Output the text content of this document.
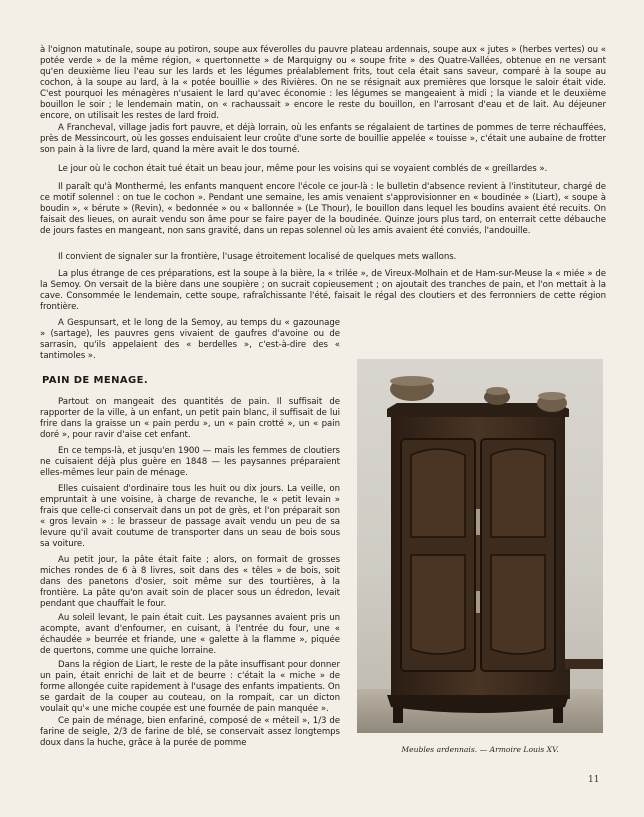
à l'oignon matutinale, soupe au potiron, soupe aux féverolles du pauvre plateau ardennais, soupe aux « jutes » (herbes vertes) ou « potée verde » de la même région, « quertonnette » de Marquigny ou « soupe frite » des Quatre-Vallées, obtenue en ne versant qu'en deuxième lieu l'eau sur les lards et les légumes préalablement frits, tout cela était sans saveur, comparé à la soupe au cochon, à la soupe au lard, à la « potée bouillie » des Rivières. On ne se résignait aux premières que lorsque le saloir était vide. C'est pourquoi les ménagères n'usaient le lard qu'avec économie : les légumes se mangeaient à midi ; la viande et le deuxième bouillon le soir ; le lendemain matin, on « rachaussait » encore le reste du bouillon, en l'arrosant d'eau et de lait. Au déjeuner encore, on utilisait les restes de lard froid.

A Francheval, village jadis fort pauvre, et déjà lorrain, où les enfants se régalaient de tartines de pommes de terre réchauffées, près de Messincourt, où les gosses enduisaient leur croûte d'une sorte de bouillie appelée « touisse », c'était une aubaine de frotter son pain à la livre de lard, quand la mère avait le dos tourné.

Le jour où le cochon était tué était un beau jour, même pour les voisins qui se voyaient comblés de « greillardes ».

Il paraît qu'à Monthermé, les enfants manquent encore l'école ce jour-là : le bulletin d'absence revient à l'instituteur, chargé de ce motif solennel : on tue le cochon ». Pendant une semaine, les amis venaient s'approvisionner en « boudinée » (Liart), « soupe à boudin », « bérute » (Revin), « bedonnée » ou « ballonnée » (Le Thour), le bouillon dans lequel les boudins avaient été recuits. On faisait des lieues, on aurait vendu son âme pour se faire payer de la boudinée. Quinze jours plus tard, on enterrait cette débauche de jours fastes en mangeant, non sans gravité, dans un repas solennel où les amis avaient été conviés, l'andouille.

Il convient de signaler sur la frontière, l'usage étroitement localisé de quelques mets wallons.

La plus étrange de ces préparations, est la soupe à la bière, la « trilée », de Vireux-Molhain et de Ham-sur-Meuse la « miée » de la Semoy. On versait de la bière dans une soupière ; on sucrait copieusement ; on ajoutait des tranches de pain, et l'on mettait à la cave. Consommée le lendemain, cette soupe, rafraîchissante l'été, faisait le régal des cloutiers et des ferronniers de cette région frontière.

A Gespunsart, et le long de la Semoy, au temps du « gazounage » (sartage), les pauvres gens vivaient de gaufres d'avoine ou de sarrasin, qu'ils appelaient des « berdelles », c'est-à-dire des « tantimoles ».

PAIN DE MENAGE.

Partout on mangeait des quantités de pain. Il suffisait de rapporter de la ville, à un enfant, un petit pain blanc, il suffisait de lui frire dans la graisse un « pain perdu », un « pain crotté », un « pain doré », pour ravir d'aise cet enfant.

En ce temps-là, et jusqu'en 1900 — mais les femmes de cloutiers ne cuisaient déjà plus guère en 1848 — les paysannes préparaient elles-mêmes leur pain de ménage.

Elles cuisaient d'ordinaire tous les huit ou dix jours. La veille, on empruntait à une voisine, à charge de revanche, le « petit levain » frais que celle-ci conservait dans un pot de grès, et l'on préparait son « gros levain » : le brasseur de passage avait vendu un peu de sa levure qu'il avait coutume de transporter dans un seau de bois sous sa voiture.

Au petit jour, la pâte était faite ; alors, on formait de grosses miches rondes de 6 à 8 livres, soit dans des « têles » de bois, soit dans des panetons d'osier, soit même sur des tourtières, à la frontière. La pâte qu'on avait soin de placer sous un édredon, levait pendant que chauffait le four.

Au soleil levant, le pain était cuit. Les paysannes avaient pris un acompte, avant d'enfourner, en cuisant, à l'entrée du four, une « échaudée » beurrée et friande, une « galette à la flamme », piquée de quertons, comme une quiche lorraine.

Dans la région de Liart, le reste de la pâte insuffisant pour donner un pain, était enrichi de lait et de beurre : c'était la « miche » de forme allongée cuite rapidement à l'usage des enfants impatients. On se gardait de la couper au couteau, on la rompait, car un dicton voulait qu'« une miche coupée est une fournée de pain manquée ».

Ce pain de ménage, bien enfariné, composé de « méteil », 1/3 de farine de seigle, 2/3 de farine de blé, se conservait assez longtemps doux dans la huche, grâce à la purée de pomme

Meubles ardennais. — Armoire Louis XV.

11
